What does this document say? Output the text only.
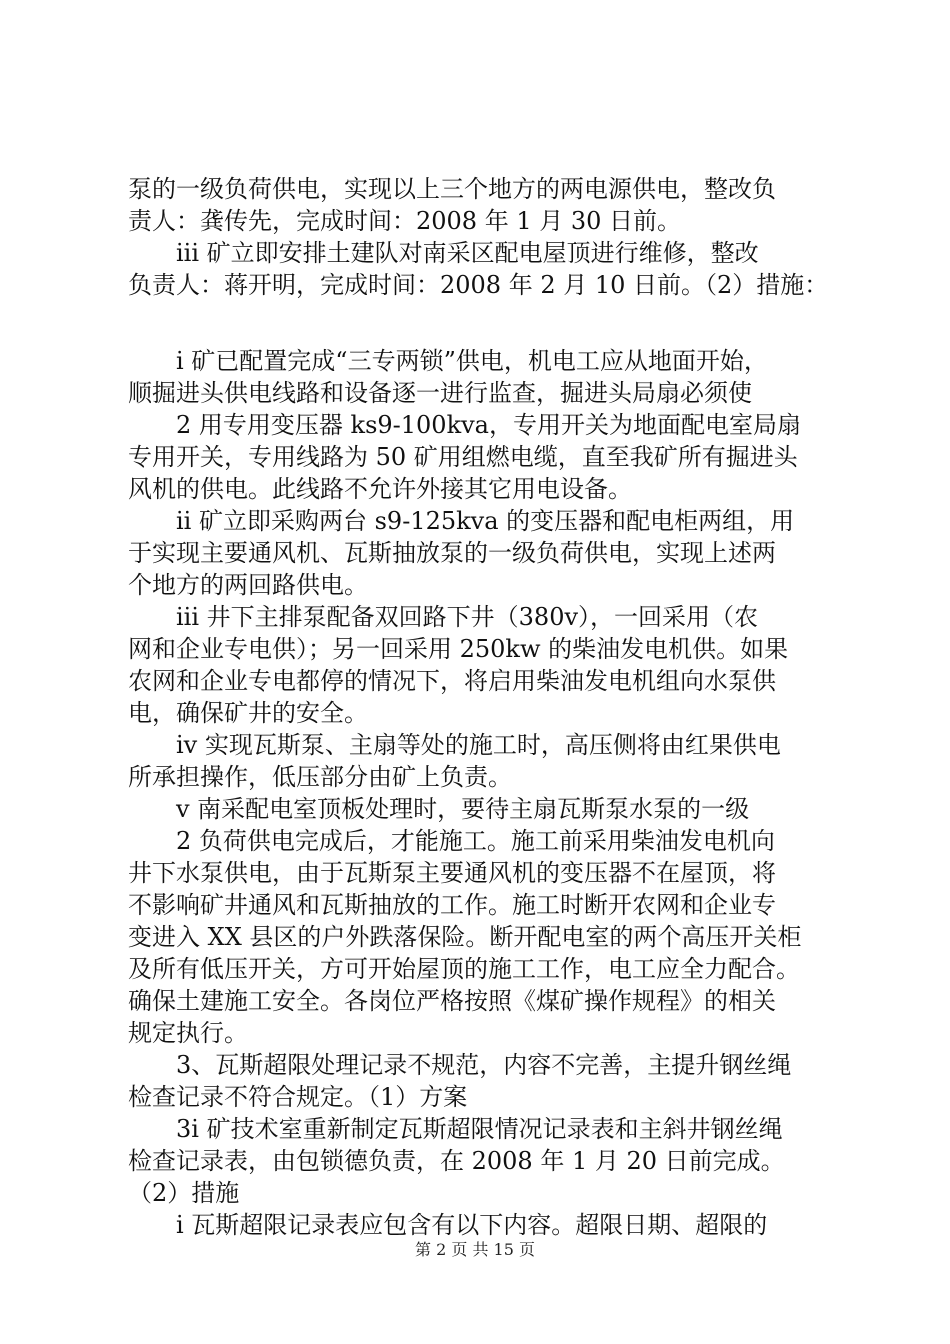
泵的一级负荷供电，实现以上三个地方的两电源供电，整改负
责人：龚传先，完成时间：2008 年 1 月 30 日前。
　　iii 矿立即安排土建队对南采区配电屋顶进行维修，整改
负责人：蒋开明，完成时间：2008 年 2 月 10 日前。（2）措施：
　　i 矿已配置完成“三专两锁”供电，机电工应从地面开始，
顺掘进头供电线路和设备逐一进行监查，掘进头局扇必须使
　　2 用专用变压器 ks9-100kva，专用开关为地面配电室局扇
专用开关，专用线路为 50 矿用组燃电缆，直至我矿所有掘进头
风机的供电。此线路不允许外接其它用电设备。
　　ii 矿立即采购两台 s9-125kva 的变压器和配电柜两组，用
于实现主要通风机、瓦斯抽放泵的一级负荷供电，实现上述两
个地方的两回路供电。
　　iii 井下主排泵配备双回路下井（380v），一回采用（农
网和企业专电供）；另一回采用 250kw 的柴油发电机供。如果
农网和企业专电都停的情况下，将启用柴油发电机组向水泵供
电，确保矿井的安全。
　　iv 实现瓦斯泵、主扇等处的施工时，高压侧将由红果供电
所承担操作，低压部分由矿上负责。
　　v 南采配电室顶板处理时，要待主扇瓦斯泵水泵的一级
　　2 负荷供电完成后，才能施工。施工前采用柴油发电机向
井下水泵供电，由于瓦斯泵主要通风机的变压器不在屋顶，将
不影响矿井通风和瓦斯抽放的工作。施工时断开农网和企业专
变进入 XX 县区的户外跌落保险。断开配电室的两个高压开关柜
及所有低压开关，方可开始屋顶的施工工作，电工应全力配合。
确保土建施工安全。各岗位严格按照《煤矿操作规程》的相关
规定执行。
　　3、瓦斯超限处理记录不规范，内容不完善，主提升钢丝绳
检查记录不符合规定。（1）方案
　　3i 矿技术室重新制定瓦斯超限情况记录表和主斜井钢丝绳
检查记录表，由包锁德负责，在 2008 年 1 月 20 日前完成。
（2）措施
　　i 瓦斯超限记录表应包含有以下内容。超限日期、超限的
第 2 页 共 15 页
